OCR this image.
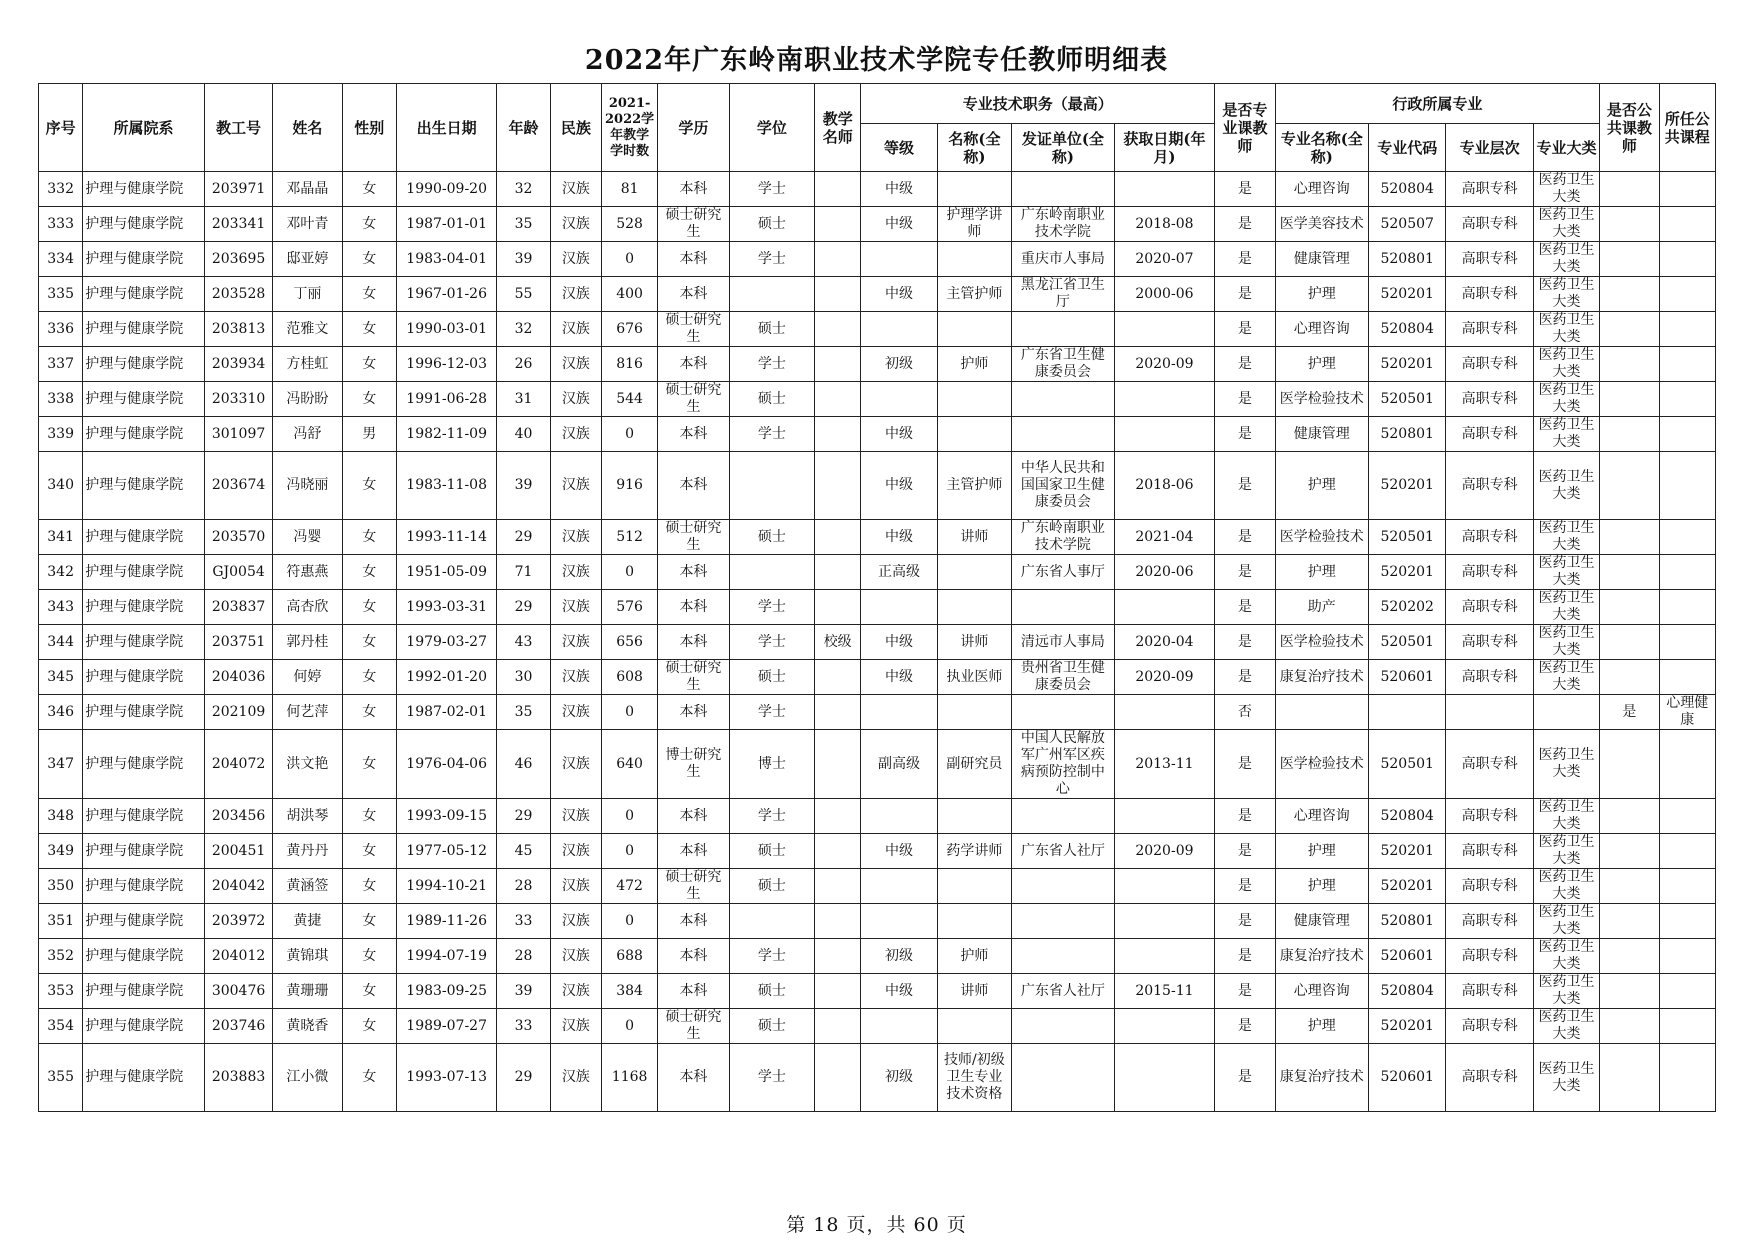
2022年广东岭南职业技术学院专任教师明细表
序号	所属院系	教工号	姓名	性别	出生日期	年龄	民族	2021-2022学年教学学时数	学历	学位	教学名师	专业技术职务（最高）				是否专业课教师	行政所属专业				是否公共课教师	所任公共课程
												等级	名称(全称)	发证单位(全称)	获取日期(年月)		专业名称(全称)	专业代码	专业层次	专业大类		

332	护理与健康学院	203971	邓晶晶	女	1990-09-20	32	汉族	81	本科	学士		中级				是	心理咨询	520804	高职专科	医药卫生大类		

333	护理与健康学院	203341	邓叶青	女	1987-01-01	35	汉族	528	硕士研究生	硕士		中级	护理学讲师	广东岭南职业技术学院	2018-08	是	医学美容技术	520507	高职专科	医药卫生大类		

334	护理与健康学院	203695	邸亚婷	女	1983-04-01	39	汉族	0	本科	学士				重庆市人事局	2020-07	是	健康管理	520801	高职专科	医药卫生大类		

335	护理与健康学院	203528	丁丽	女	1967-01-26	55	汉族	400	本科			中级	主管护师	黑龙江省卫生厅	2000-06	是	护理	520201	高职专科	医药卫生大类		

336	护理与健康学院	203813	范雅文	女	1990-03-01	32	汉族	676	硕士研究生	硕士						是	心理咨询	520804	高职专科	医药卫生大类		

337	护理与健康学院	203934	方桂虹	女	1996-12-03	26	汉族	816	本科	学士		初级	护师	广东省卫生健康委员会	2020-09	是	护理	520201	高职专科	医药卫生大类		

338	护理与健康学院	203310	冯盼盼	女	1991-06-28	31	汉族	544	硕士研究生	硕士						是	医学检验技术	520501	高职专科	医药卫生大类		

339	护理与健康学院	301097	冯舒	男	1982-11-09	40	汉族	0	本科	学士		中级				是	健康管理	520801	高职专科	医药卫生大类		

340	护理与健康学院	203674	冯晓丽	女	1983-11-08	39	汉族	916	本科			中级	主管护师	中华人民共和国国家卫生健康委员会	2018-06	是	护理	520201	高职专科	医药卫生大类		

341	护理与健康学院	203570	冯婴	女	1993-11-14	29	汉族	512	硕士研究生	硕士		中级	讲师	广东岭南职业技术学院	2021-04	是	医学检验技术	520501	高职专科	医药卫生大类		

342	护理与健康学院	GJ0054	符惠燕	女	1951-05-09	71	汉族	0	本科			正高级		广东省人事厅	2020-06	是	护理	520201	高职专科	医药卫生大类		

343	护理与健康学院	203837	高杏欣	女	1993-03-31	29	汉族	576	本科	学士						是	助产	520202	高职专科	医药卫生大类		

344	护理与健康学院	203751	郭丹桂	女	1979-03-27	43	汉族	656	本科	学士	校级	中级	讲师	清远市人事局	2020-04	是	医学检验技术	520501	高职专科	医药卫生大类		

345	护理与健康学院	204036	何婷	女	1992-01-20	30	汉族	608	硕士研究生	硕士		中级	执业医师	贵州省卫生健康委员会	2020-09	是	康复治疗技术	520601	高职专科	医药卫生大类		

346	护理与健康学院	202109	何艺萍	女	1987-02-01	35	汉族	0	本科	学士						否					是	心理健康

347	护理与健康学院	204072	洪文艳	女	1976-04-06	46	汉族	640	博士研究生	博士		副高级	副研究员	中国人民解放军广州军区疾病预防控制中心	2013-11	是	医学检验技术	520501	高职专科	医药卫生大类		

348	护理与健康学院	203456	胡洪琴	女	1993-09-15	29	汉族	0	本科	学士						是	心理咨询	520804	高职专科	医药卫生大类		

349	护理与健康学院	200451	黄丹丹	女	1977-05-12	45	汉族	0	本科	硕士		中级	药学讲师	广东省人社厅	2020-09	是	护理	520201	高职专科	医药卫生大类		

350	护理与健康学院	204042	黄涵签	女	1994-10-21	28	汉族	472	硕士研究生	硕士						是	护理	520201	高职专科	医药卫生大类		

351	护理与健康学院	203972	黄捷	女	1989-11-26	33	汉族	0	本科							是	健康管理	520801	高职专科	医药卫生大类		

352	护理与健康学院	204012	黄锦琪	女	1994-07-19	28	汉族	688	本科	学士		初级	护师			是	康复治疗技术	520601	高职专科	医药卫生大类		

353	护理与健康学院	300476	黄珊珊	女	1983-09-25	39	汉族	384	本科	硕士		中级	讲师	广东省人社厅	2015-11	是	心理咨询	520804	高职专科	医药卫生大类		

354	护理与健康学院	203746	黄晓香	女	1989-07-27	33	汉族	0	硕士研究生	硕士						是	护理	520201	高职专科	医药卫生大类		

355	护理与健康学院	203883	江小微	女	1993-07-13	29	汉族	1168	本科	学士		初级	技师/初级卫生专业技术资格			是	康复治疗技术	520601	高职专科	医药卫生大类		

第 18 页，共 60 页
